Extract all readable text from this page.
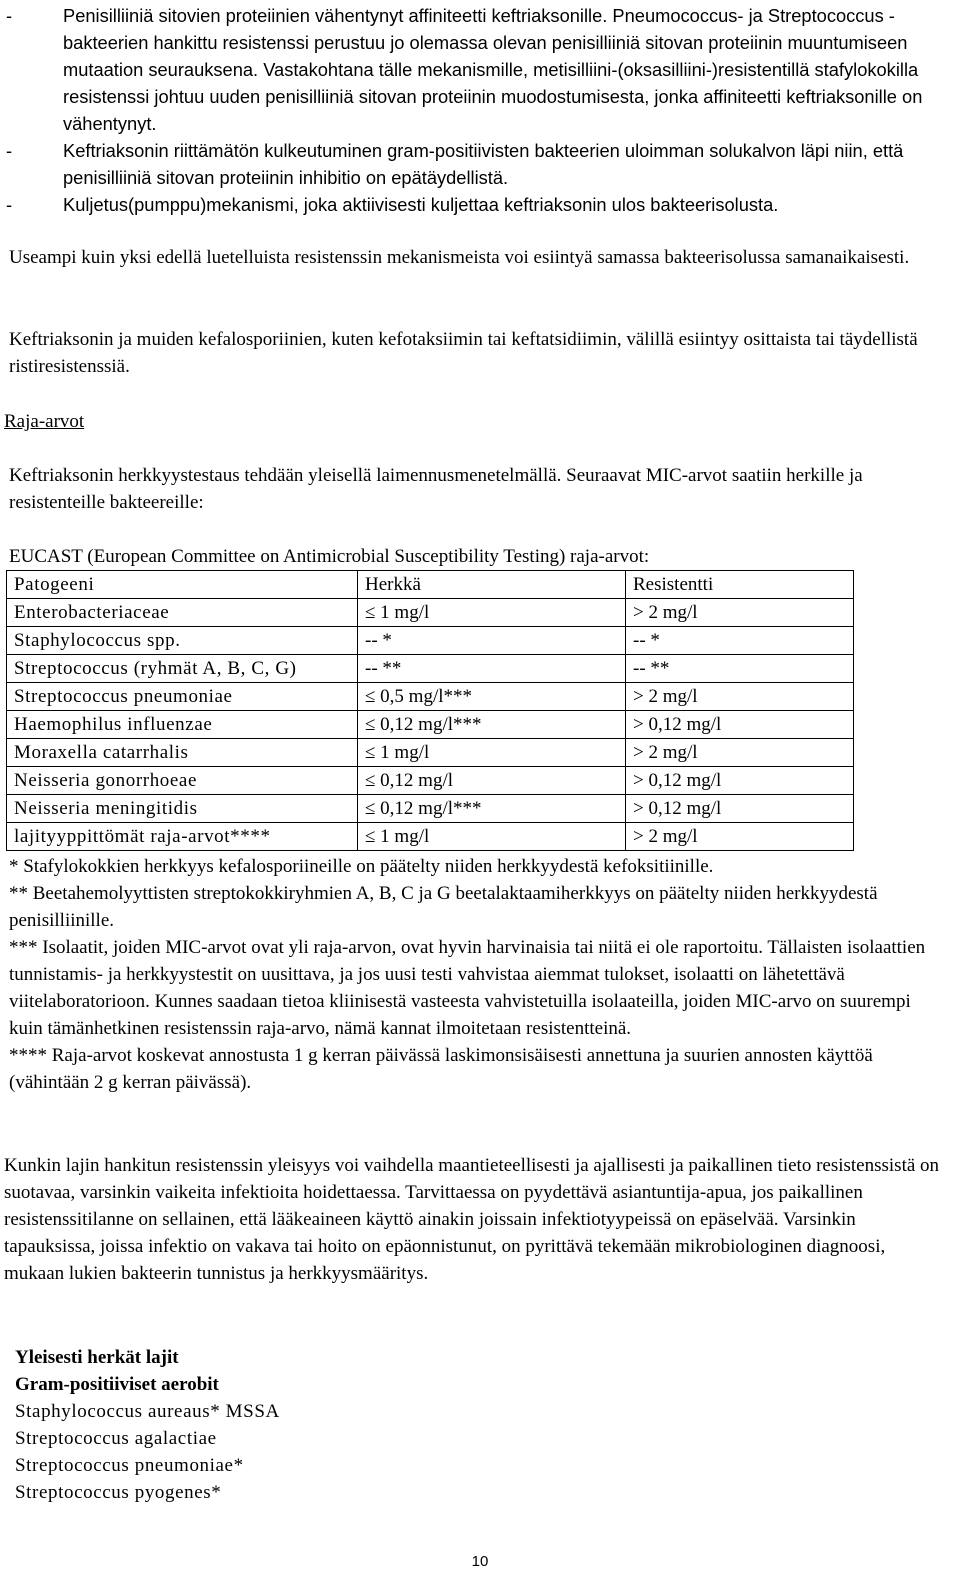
-	Penisilliiniä sitovien proteiinien vähentynyt affiniteetti keftriaksonille. Pneumococcus- ja Streptococcus -bakteerien hankittu resistenssi perustuu jo olemassa olevan penisilliiniä sitovan proteiinin muuntumiseen mutaation seurauksena. Vastakohtana tälle mekanismille, metisilliini-(oksasilliini-)resistentillä stafylokokilla resistenssi johtuu uuden penisilliiniä sitovan proteiinin muodostumisesta, jonka affiniteetti keftriaksonille on vähentynyt.

-	Keftriaksonin riittämätön kulkeutuminen gram-positiivisten bakteerien uloimman solukalvon läpi niin, että penisilliiniä sitovan proteiinin inhibitio on epätäydellistä.

-	Kuljetus(pumppu)mekanismi, joka aktiivisesti kuljettaa keftriaksonin ulos bakteerisolusta.

Useampi kuin yksi edellä luetelluista resistenssin mekanismeista voi esiintyä samassa bakteerisolussa samanaikaisesti.

Keftriaksonin ja muiden kefalosporiinien, kuten kefotaksiimin tai keftatsidiimin, välillä esiintyy osittaista tai täydellistä ristiresistenssiä.

Raja-arvot

Keftriaksonin herkkyystestaus tehdään yleisellä laimennusmenetelmällä. Seuraavat MIC-arvot saatiin herkille ja resistenteille bakteereille:

EUCAST (European Committee on Antimicrobial Susceptibility Testing) raja-arvot:

Patogeeni	Herkkä	Resistentti
Enterobacteriaceae	≤ 1 mg/l	> 2 mg/l
Staphylococcus spp.	-- *	-- *
Streptococcus (ryhmät A, B, C, G)	-- **	-- **
Streptococcus pneumoniae	≤ 0,5 mg/l***	> 2 mg/l
Haemophilus influenzae	≤ 0,12 mg/l***	> 0,12 mg/l
Moraxella catarrhalis	≤ 1 mg/l	> 2 mg/l
Neisseria gonorrhoeae	≤ 0,12 mg/l	> 0,12 mg/l
Neisseria meningitidis	≤ 0,12 mg/l***	> 0,12 mg/l
lajityyppittömät raja-arvot****	≤ 1 mg/l	> 2 mg/l

* Stafylokokkien herkkyys kefalosporiineille on päätelty niiden herkkyydestä kefoksitiinille.

** Beetahemolyyttisten streptokokkiryhmien A, B, C ja G beetalaktaamiherkkyys on päätelty niiden herkkyydestä penisilliinille.

*** Isolaatit, joiden MIC-arvot ovat yli raja-arvon, ovat hyvin harvinaisia tai niitä ei ole raportoitu. Tällaisten isolaattien tunnistamis- ja herkkyystestit on uusittava, ja jos uusi testi vahvistaa aiemmat tulokset, isolaatti on lähetettävä viitelaboratorioon. Kunnes saadaan tietoa kliinisestä vasteesta vahvistetuilla isolaateilla, joiden MIC-arvo on suurempi kuin tämänhetkinen resistenssin raja-arvo, nämä kannat ilmoitetaan resistentteinä.

**** Raja-arvot koskevat annostusta 1 g kerran päivässä laskimonsisäisesti annettuna ja suurien annosten käyttöä (vähintään 2 g kerran päivässä).

Kunkin lajin hankitun resistenssin yleisyys voi vaihdella maantieteellisesti ja ajallisesti ja paikallinen tieto resistenssistä on suotavaa, varsinkin vaikeita infektioita hoidettaessa. Tarvittaessa on pyydettävä asiantuntija-apua, jos paikallinen resistenssitilanne on sellainen, että lääkeaineen käyttö ainakin joissain infektiotyypeissä on epäselvää. Varsinkin tapauksissa, joissa infektio on vakava tai hoito on epäonnistunut, on pyrittävä tekemään mikrobiologinen diagnoosi, mukaan lukien bakteerin tunnistus ja herkkyysmääritys.

Yleisesti herkät lajit

Gram-positiiviset aerobit

Staphylococcus aureaus* MSSA

Streptococcus agalactiae

Streptococcus pneumoniae*

Streptococcus pyogenes*

10
